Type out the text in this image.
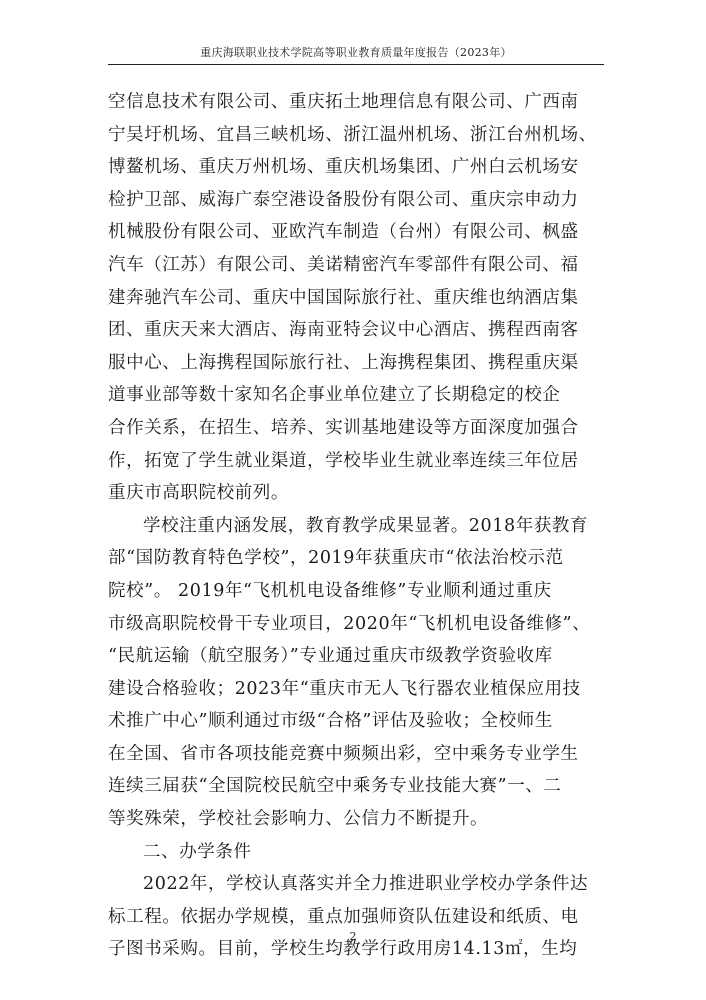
重庆海联职业技术学院高等职业教育质量年度报告（2023年）
空信息技术有限公司、重庆拓土地理信息有限公司、广西南
宁吴圩机场、宜昌三峡机场、浙江温州机场、浙江台州机场、
博鳌机场、重庆万州机场、重庆机场集团、广州白云机场安
检护卫部、威海广泰空港设备股份有限公司、重庆宗申动力
机械股份有限公司、亚欧汽车制造（台州）有限公司、枫盛
汽车（江苏）有限公司、美诺精密汽车零部件有限公司、福
建奔驰汽车公司、重庆中国国际旅行社、重庆维也纳酒店集
团、重庆天来大酒店、海南亚特会议中心酒店、携程西南客
服中心、上海携程国际旅行社、上海携程集团、携程重庆渠
道事业部等数十家知名企事业单位建立了长期稳定的校企
合作关系，在招生、培养、实训基地建设等方面深度加强合
作，拓宽了学生就业渠道，学校毕业生就业率连续三年位居
重庆市高职院校前列。
学校注重内涵发展，教育教学成果显著。2018年获教育
部“国防教育特色学校”，2019年获重庆市“依法治校示范
院校”。 2019年“飞机机电设备维修”专业顺利通过重庆
市级高职院校骨干专业项目，2020年“飞机机电设备维修”、
“民航运输（航空服务）”专业通过重庆市级教学资验收库
建设合格验收；2023年“重庆市无人飞行器农业植保应用技
术推广中心”顺利通过市级“合格”评估及验收；全校师生
在全国、省市各项技能竞赛中频频出彩，空中乘务专业学生
连续三届获“全国院校民航空中乘务专业技能大赛”一、二
等奖殊荣，学校社会影响力、公信力不断提升。
二、办学条件
2022年，学校认真落实并全力推进职业学校办学条件达
标工程。依据办学规模，重点加强师资队伍建设和纸质、电
子图书采购。目前，学校生均教学行政用房14.13㎡，生均
2
